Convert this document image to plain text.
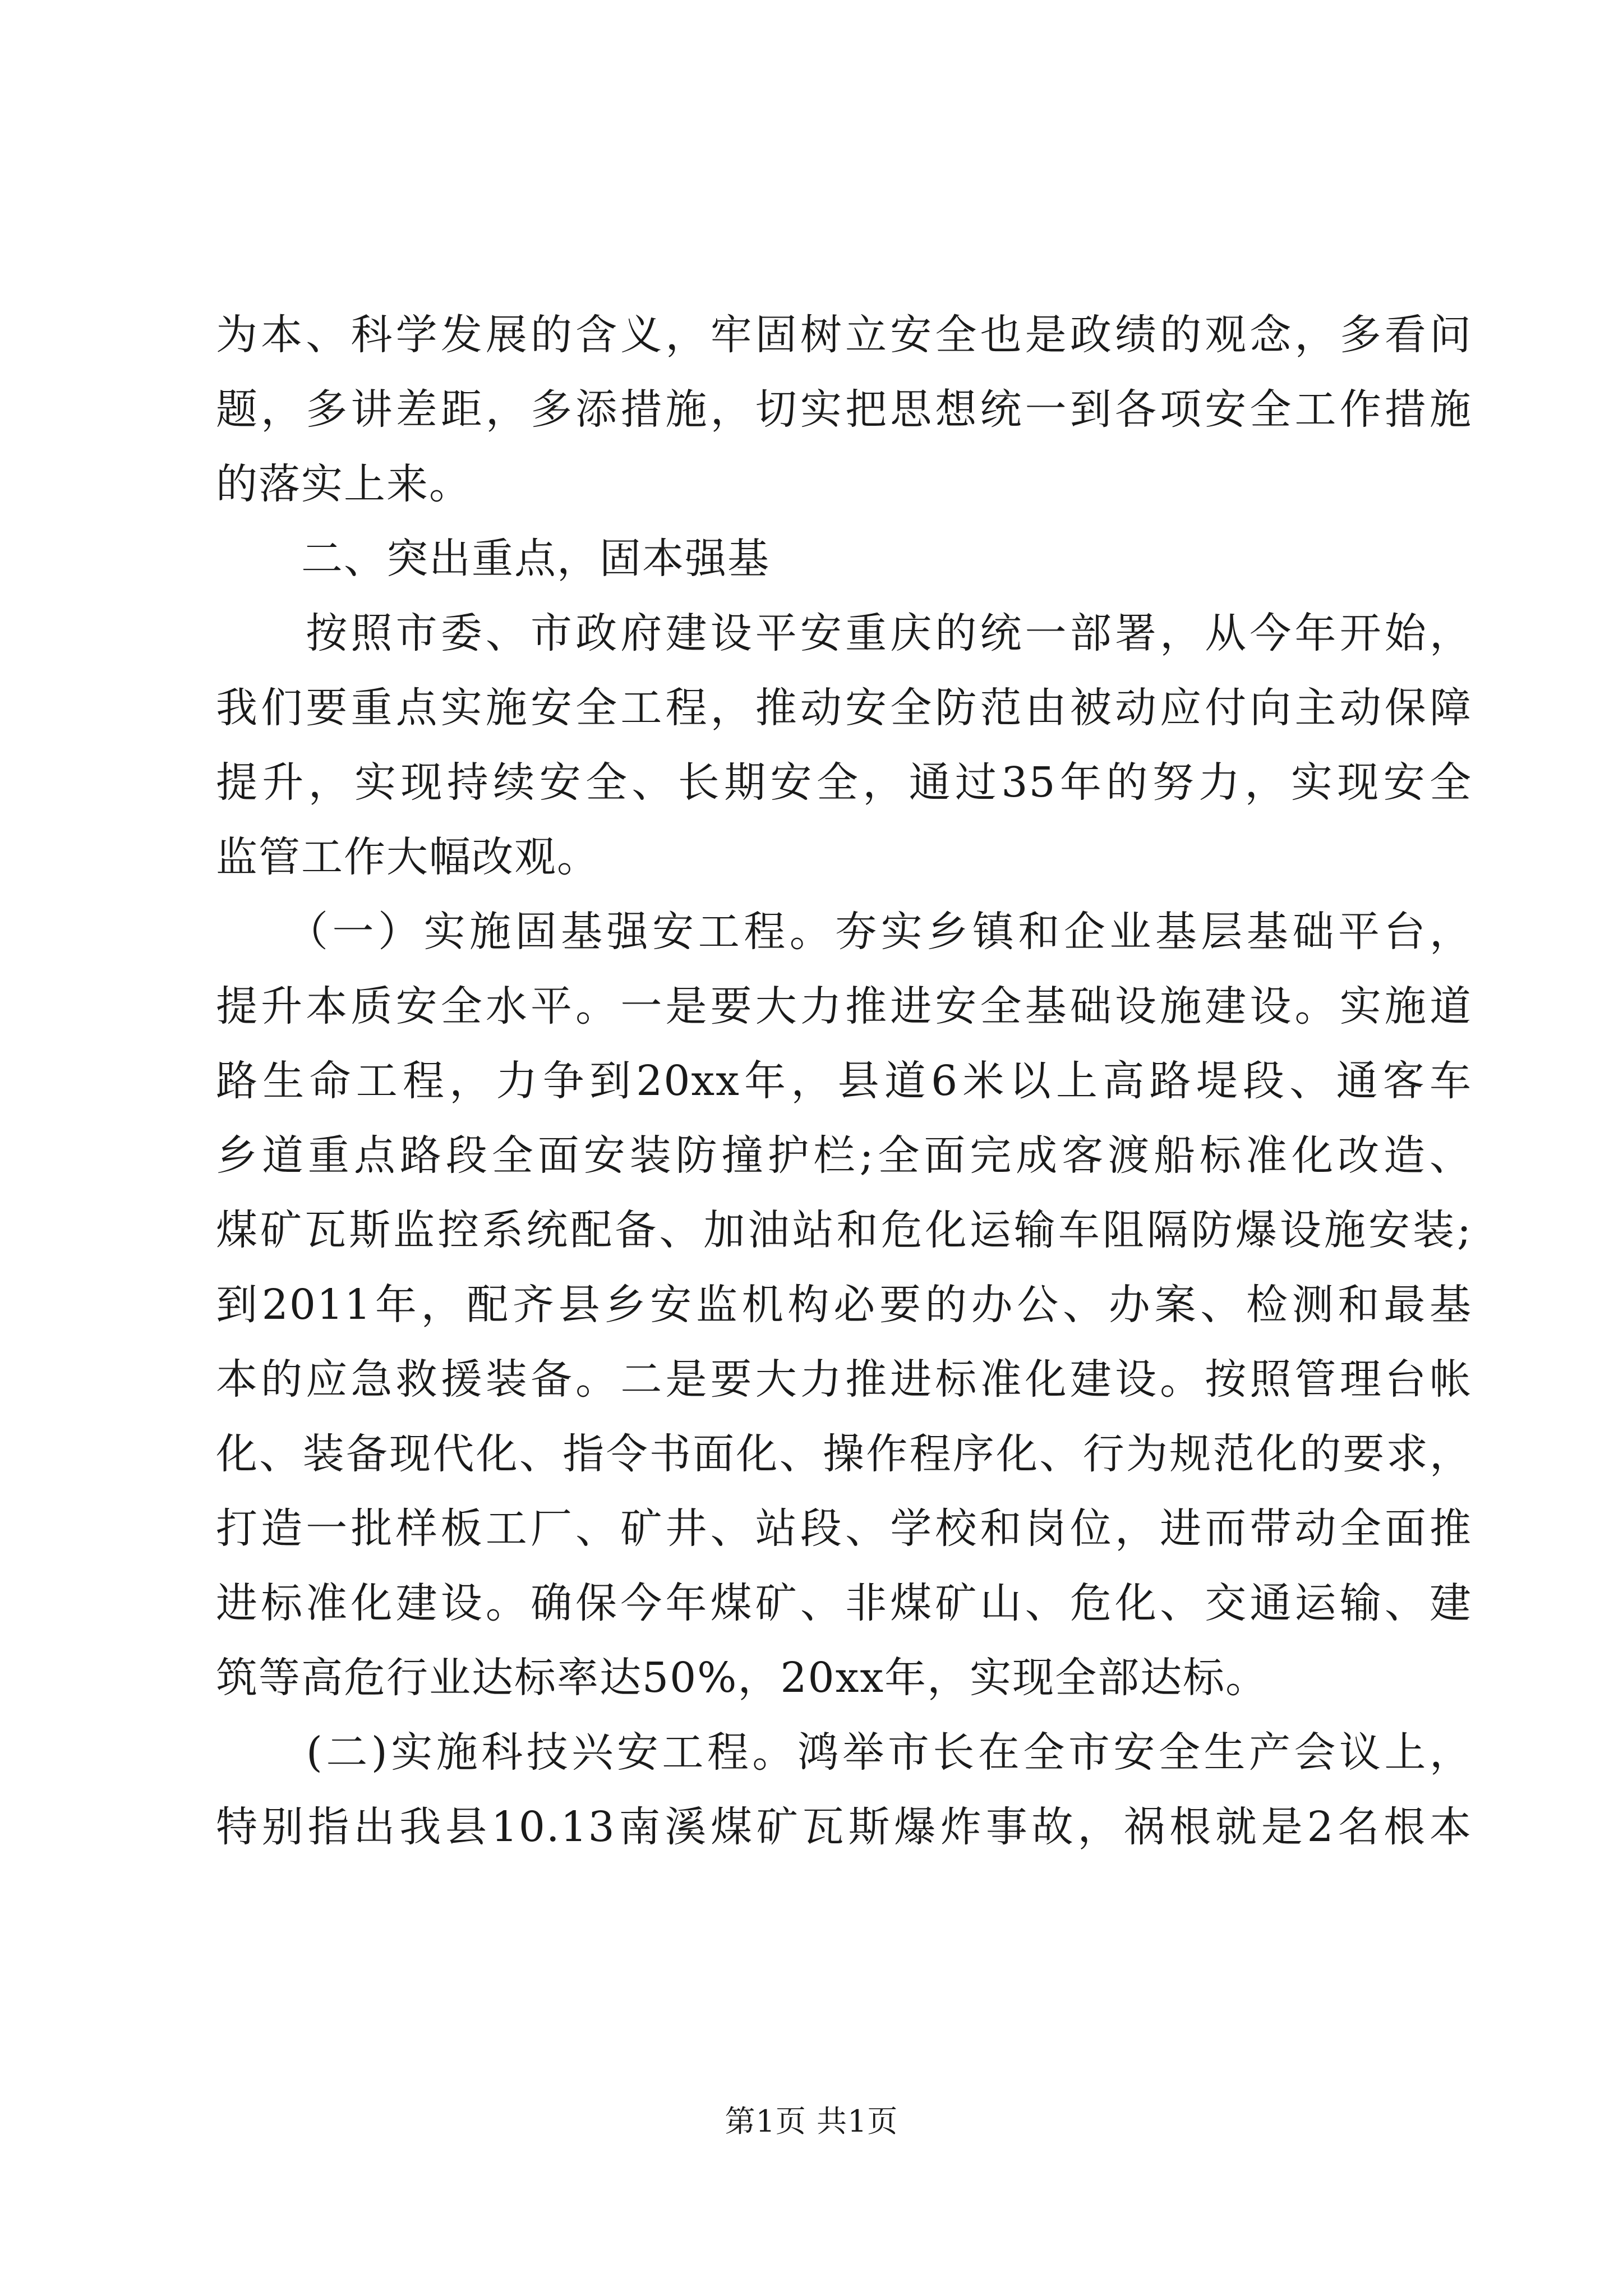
为本、科学发展的含义，牢固树立安全也是政绩的观念，多看问
题，多讲差距，多添措施，切实把思想统一到各项安全工作措施
的落实上来。
　　二、突出重点，固本强基
　　按照市委、市政府建设平安重庆的统一部署，从今年开始，
我们要重点实施安全工程，推动安全防范由被动应付向主动保障
提升，实现持续安全、长期安全，通过35年的努力，实现安全
监管工作大幅改观。
　　（一）实施固基强安工程。夯实乡镇和企业基层基础平台，
提升本质安全水平。一是要大力推进安全基础设施建设。实施道
路生命工程，力争到20xx年，县道6米以上高路堤段、通客车
乡道重点路段全面安装防撞护栏;全面完成客渡船标准化改造、
煤矿瓦斯监控系统配备、加油站和危化运输车阻隔防爆设施安装;
到2011年，配齐县乡安监机构必要的办公、办案、检测和最基
本的应急救援装备。二是要大力推进标准化建设。按照管理台帐
化、装备现代化、指令书面化、操作程序化、行为规范化的要求，
打造一批样板工厂、矿井、站段、学校和岗位，进而带动全面推
进标准化建设。确保今年煤矿、非煤矿山、危化、交通运输、建
筑等高危行业达标率达50%，20xx年，实现全部达标。
　　(二)实施科技兴安工程。鸿举市长在全市安全生产会议上，
特别指出我县10.13南溪煤矿瓦斯爆炸事故，祸根就是2名根本
第1页 共1页
